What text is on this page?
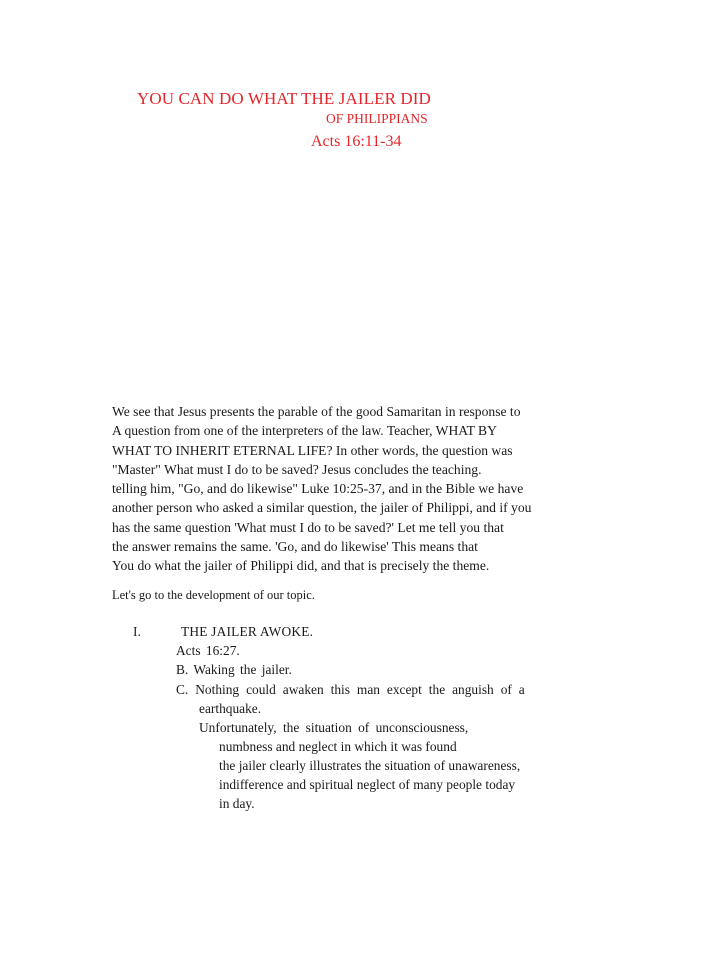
YOU CAN DO WHAT THE JAILER DID
OF PHILIPPIANS
Acts 16:11-34
We see that Jesus presents the parable of the good Samaritan in response to
A question from one of the interpreters of the law. Teacher, WHAT BY
WHAT TO INHERIT ETERNAL LIFE? In other words, the question was
"Master" What must I do to be saved? Jesus concludes the teaching.
telling him, "Go, and do likewise" Luke 10:25-37, and in the Bible we have
another person who asked a similar question, the jailer of Philippi, and if you
has the same question 'What must I do to be saved?' Let me tell you that
the answer remains the same. 'Go, and do likewise' This means that
You do what the jailer of Philippi did, and that is precisely the theme.
Let's go to the development of our topic.
I.	THE JAILER AWOKE.
Acts 16:27.
B. Waking the jailer.
C. Nothing could awaken this man except the anguish of a
earthquake.
Unfortunately, the situation of unconsciousness,
numbness and neglect in which it was found
the jailer clearly illustrates the situation of unawareness,
indifference and spiritual neglect of many people today
in day.
